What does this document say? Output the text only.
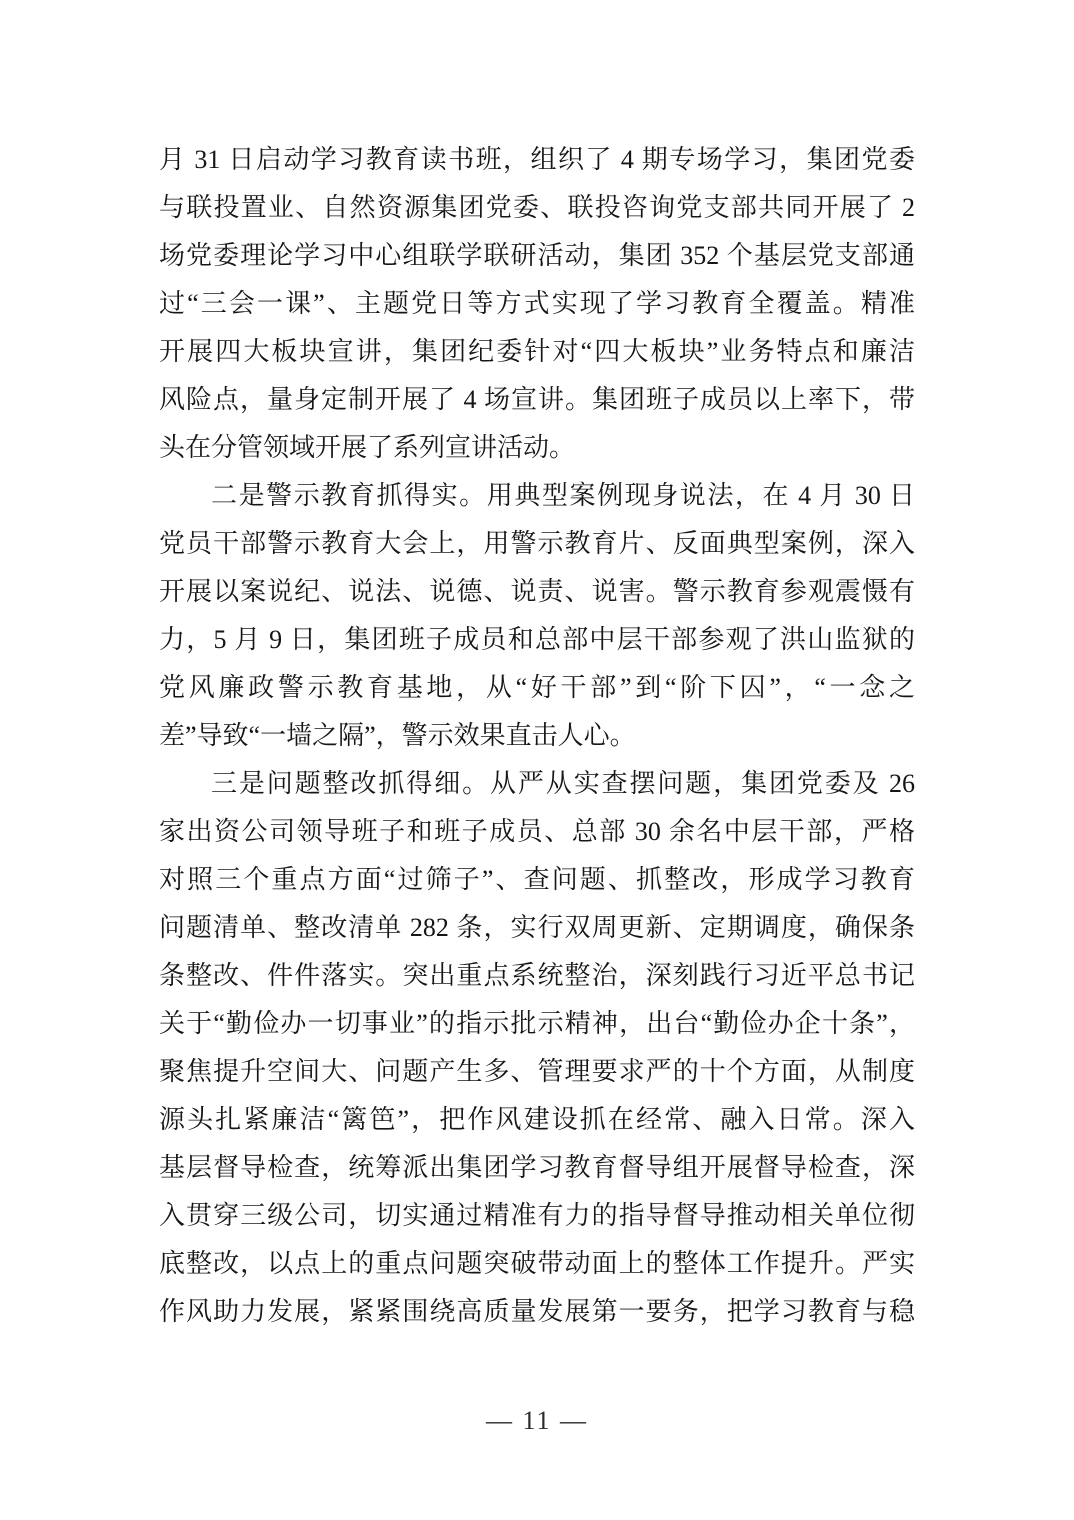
月 31 日启动学习教育读书班，组织了 4 期专场学习，集团党委
与联投置业、自然资源集团党委、联投咨询党支部共同开展了 2
场党委理论学习中心组联学联研活动，集团 352 个基层党支部通
过“三会一课”、主题党日等方式实现了学习教育全覆盖。精准
开展四大板块宣讲，集团纪委针对“四大板块”业务特点和廉洁
风险点，量身定制开展了 4 场宣讲。集团班子成员以上率下，带
头在分管领域开展了系列宣讲活动。
二是警示教育抓得实。用典型案例现身说法，在 4 月 30 日
党员干部警示教育大会上，用警示教育片、反面典型案例，深入
开展以案说纪、说法、说德、说责、说害。警示教育参观震慑有
力，5 月 9 日，集团班子成员和总部中层干部参观了洪山监狱的
党风廉政警示教育基地，从“好干部”到“阶下囚”，“一念之
差”导致“一墙之隔”，警示效果直击人心。
三是问题整改抓得细。从严从实查摆问题，集团党委及 26
家出资公司领导班子和班子成员、总部 30 余名中层干部，严格
对照三个重点方面“过筛子”、查问题、抓整改，形成学习教育
问题清单、整改清单 282 条，实行双周更新、定期调度，确保条
条整改、件件落实。突出重点系统整治，深刻践行习近平总书记
关于“勤俭办一切事业”的指示批示精神，出台“勤俭办企十条”，
聚焦提升空间大、问题产生多、管理要求严的十个方面，从制度
源头扎紧廉洁“篱笆”，把作风建设抓在经常、融入日常。深入
基层督导检查，统筹派出集团学习教育督导组开展督导检查，深
入贯穿三级公司，切实通过精准有力的指导督导推动相关单位彻
底整改，以点上的重点问题突破带动面上的整体工作提升。严实
作风助力发展，紧紧围绕高质量发展第一要务，把学习教育与稳
— 11 —
